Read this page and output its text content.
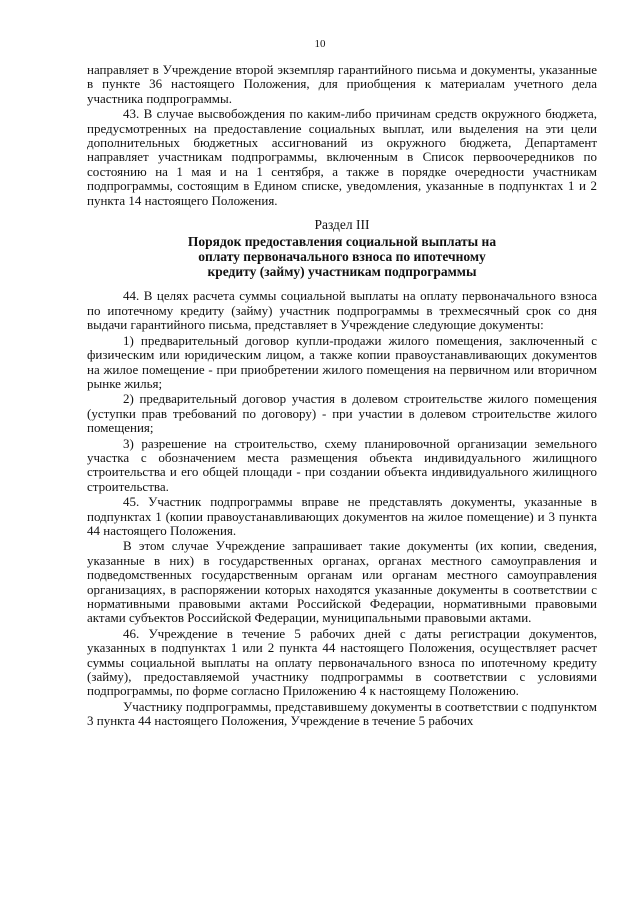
10

направляет в Учреждение второй экземпляр гарантийного письма и документы, указанные в пункте 36 настоящего Положения, для приобщения к материалам учетного дела участника подпрограммы.

43. В случае высвобождения по каким-либо причинам средств окружного бюджета, предусмотренных на предоставление социальных выплат, или выделения на эти цели дополнительных бюджетных ассигнований из окружного бюджета, Департамент направляет участникам подпрограммы, включенным в Список первоочередников по состоянию на 1 мая и на 1 сентября, а также в порядке очередности участникам подпрограммы, состоящим в Едином списке, уведомления, указанные в подпунктах 1 и 2 пункта 14 настоящего Положения.

Раздел III
Порядок предоставления социальной выплаты на
оплату первоначального взноса по ипотечному
кредиту (займу) участникам подпрограммы

44. В целях расчета суммы социальной выплаты на оплату первоначального взноса по ипотечному кредиту (займу) участник подпрограммы в трехмесячный срок со дня выдачи гарантийного письма, представляет в Учреждение следующие документы:

1) предварительный договор купли-продажи жилого помещения, заключенный с физическим или юридическим лицом, а также копии правоустанавливающих документов на жилое помещение - при приобретении жилого помещения на первичном или вторичном рынке жилья;

2) предварительный договор участия в долевом строительстве жилого помещения (уступки прав требований по договору) - при участии в долевом строительстве жилого помещения;

3) разрешение на строительство, схему планировочной организации земельного участка с обозначением места размещения объекта индивидуального жилищного строительства и его общей площади - при создании объекта индивидуального жилищного строительства.

45. Участник подпрограммы вправе не представлять документы, указанные в подпунктах 1 (копии правоустанавливающих документов на жилое помещение) и 3 пункта 44 настоящего Положения.

В этом случае Учреждение запрашивает такие документы (их копии, сведения, указанные в них) в государственных органах, органах местного самоуправления и подведомственных государственным органам или органам местного самоуправления организациях, в распоряжении которых находятся указанные документы в соответствии с нормативными правовыми актами Российской Федерации, нормативными правовыми актами субъектов Российской Федерации, муниципальными правовыми актами.

46. Учреждение в течение 5 рабочих дней с даты регистрации документов, указанных в подпунктах 1 или 2 пункта 44 настоящего Положения, осуществляет расчет суммы социальной выплаты на оплату первоначального взноса по ипотечному кредиту (займу), предоставляемой участнику подпрограммы в соответствии с условиями подпрограммы, по форме согласно Приложению 4 к настоящему Положению.

Участнику подпрограммы, представившему документы в соответствии с подпунктом 3 пункта 44 настоящего Положения, Учреждение в течение 5 рабочих
